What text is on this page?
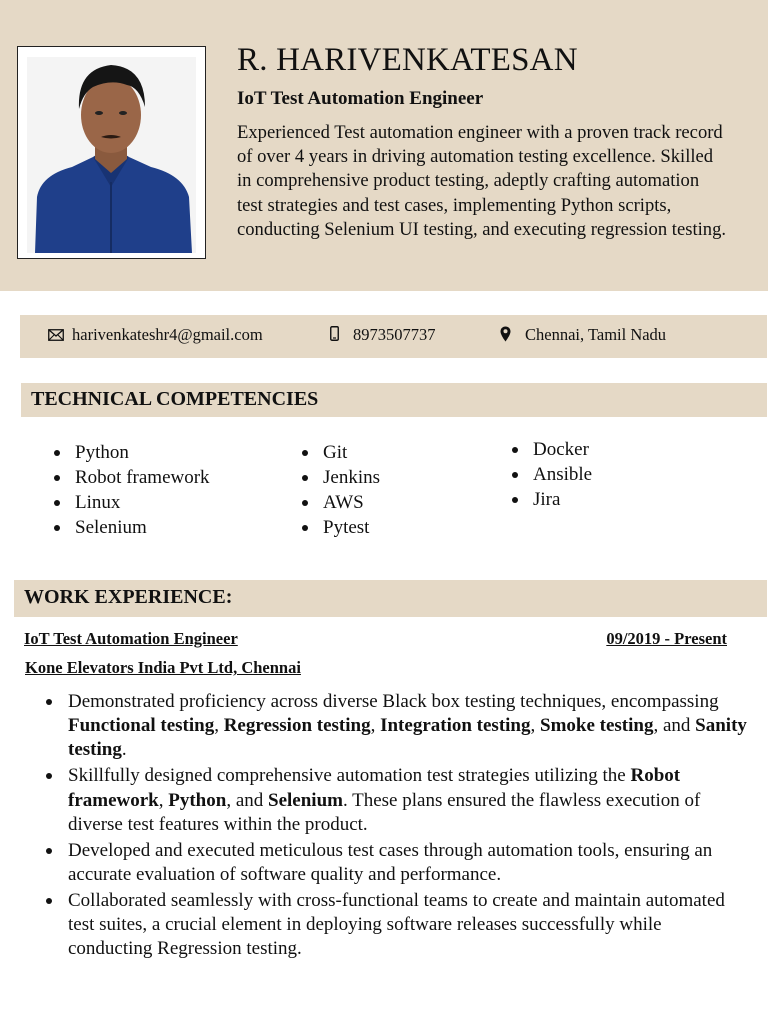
R. HARIVENKATESAN
IoT Test Automation Engineer
Experienced Test automation engineer with a proven track record of over 4 years in driving automation testing excellence. Skilled in comprehensive product testing, adeptly crafting automation test strategies and test cases, implementing Python scripts, conducting Selenium UI testing, and executing regression testing.
harivenkateshr4@gmail.com	8973507737	Chennai, Tamil Nadu
TECHNICAL COMPETENCIES
Python
Robot framework
Linux
Selenium
Git
Jenkins
AWS
Pytest
Docker
Ansible
Jira
WORK EXPERIENCE:
IoT Test Automation Engineer	09/2019 - Present
Kone Elevators India Pvt Ltd, Chennai
Demonstrated proficiency across diverse Black box testing techniques, encompassing Functional testing, Regression testing, Integration testing, Smoke testing, and Sanity testing.
Skillfully designed comprehensive automation test strategies utilizing the Robot framework, Python, and Selenium. These plans ensured the flawless execution of diverse test features within the product.
Developed and executed meticulous test cases through automation tools, ensuring an accurate evaluation of software quality and performance.
Collaborated seamlessly with cross-functional teams to create and maintain automated test suites, a crucial element in deploying software releases successfully while conducting Regression testing.
